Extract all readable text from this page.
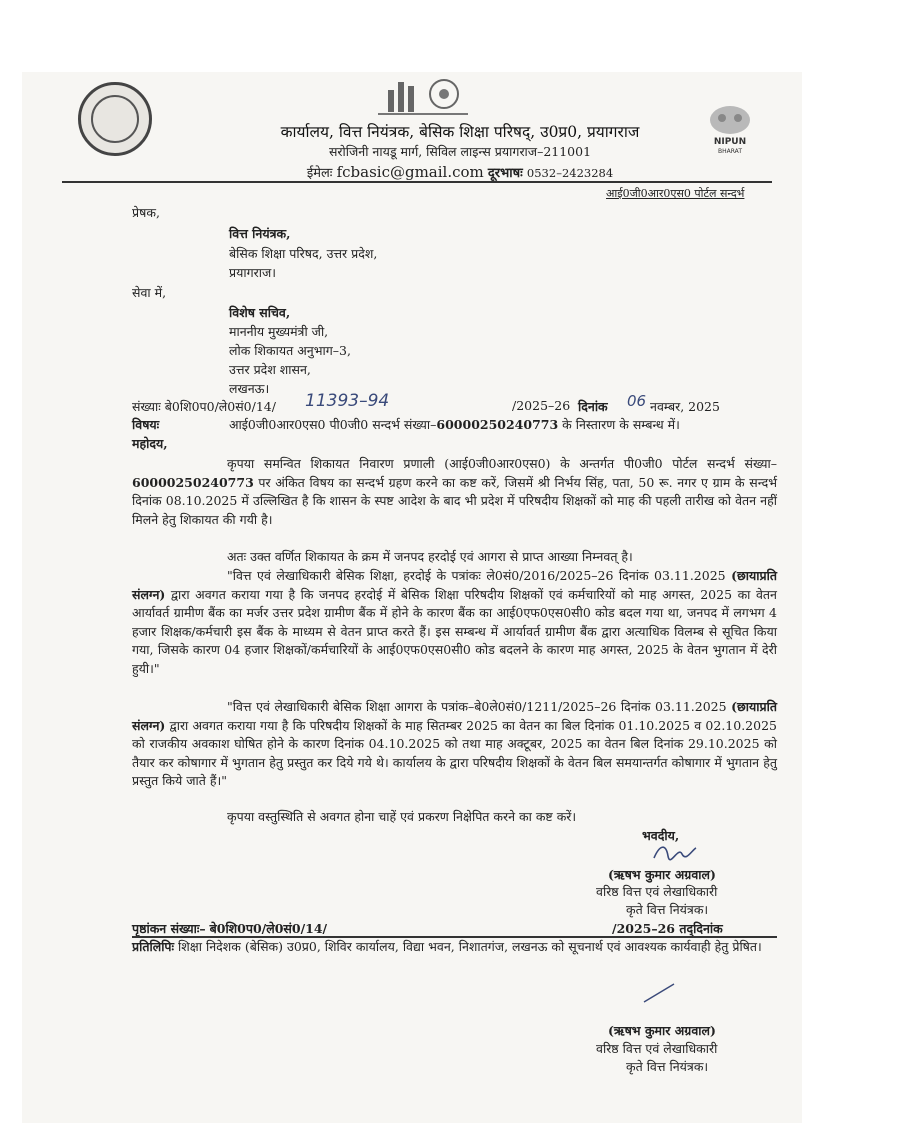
NIPUN
BHARAT
कार्यालय, वित्त नियंत्रक, बेसिक शिक्षा परिषद्, उ0प्र0, प्रयागराज
सरोजिनी नायडू मार्ग, सिविल लाइन्स प्रयागराज–211001
ईमेलः fcbasic@gmail.com दूरभाषः 0532–2423284
आई0जी0आर0एस0 पोर्टल सन्दर्भ
प्रेषक,
वित्त नियंत्रक,
बेसिक शिक्षा परिषद, उत्तर प्रदेश,
प्रयागराज।
सेवा में,
विशेष सचिव,
माननीय मुख्यमंत्री जी,
लोक शिकायत अनुभाग–3,
उत्तर प्रदेश शासन,
लखनऊ।
संख्याः बे0शि0प0/ले0सं0/14/ 11393–94	/2025–26 दिनांक 06 नवम्बर, 2025
विषयः	आई0जी0आर0एस0 पी0जी0 सन्दर्भ संख्या–60000250240773 के निस्तारण के सम्बन्ध में।
महोदय,
कृपया समन्वित शिकायत निवारण प्रणाली (आई0जी0आर0एस0) के अन्तर्गत पी0जी0 पोर्टल सन्दर्भ संख्या–60000250240773 पर अंकित विषय का सन्दर्भ ग्रहण करने का कष्ट करें, जिसमें श्री निर्भय सिंह, पता, 50 रू. नगर ए ग्राम के सन्दर्भ दिनांक 08.10.2025 में उल्लिखित है कि शासन के स्पष्ट आदेश के बाद भी प्रदेश में परिषदीय शिक्षकों को माह की पहली तारीख को वेतन नहीं मिलने हेतु शिकायत की गयी है।
अतः उक्त वर्णित शिकायत के क्रम में जनपद हरदोई एवं आगरा से प्राप्त आख्या निम्नवत् है।
"वित्त एवं लेखाधिकारी बेसिक शिक्षा, हरदोई के पत्रांकः ले0सं0/2016/2025–26 दिनांक 03.11.2025 (छायाप्रति संलग्न) द्वारा अवगत कराया गया है कि जनपद हरदोई में बेसिक शिक्षा परिषदीय शिक्षकों एवं कर्मचारियों को माह अगस्त, 2025 का वेतन आर्यावर्त ग्रामीण बैंक का मर्जर उत्तर प्रदेश ग्रामीण बैंक में होने के कारण बैंक का आई0एफ0एस0सी0 कोड बदल गया था, जनपद में लगभग 4 हजार शिक्षक/कर्मचारी इस बैंक के माध्यम से वेतन प्राप्त करते हैं। इस सम्बन्ध में आर्यावर्त ग्रामीण बैंक द्वारा अत्याधिक विलम्ब से सूचित किया गया, जिसके कारण 04 हजार शिक्षकों/कर्मचारियों के आई0एफ0एस0सी0 कोड बदलने के कारण माह अगस्त, 2025 के वेतन भुगतान में देरी हुयी।"
"वित्त एवं लेखाधिकारी बेसिक शिक्षा आगरा के पत्रांक–बे0ले0सं0/1211/2025–26 दिनांक 03.11.2025 (छायाप्रति संलग्न) द्वारा अवगत कराया गया है कि परिषदीय शिक्षकों के माह सितम्बर 2025 का वेतन का बिल दिनांक 01.10.2025 व 02.10.2025 को राजकीय अवकाश घोषित होने के कारण दिनांक 04.10.2025 को तथा माह अक्टूबर, 2025 का वेतन बिल दिनांक 29.10.2025 को तैयार कर कोषागार में भुगतान हेतु प्रस्तुत कर दिये गये थे। कार्यालय के द्वारा परिषदीय शिक्षकों के वेतन बिल समयान्तर्गत कोषागार में भुगतान हेतु प्रस्तुत किये जाते हैं।"
कृपया वस्तुस्थिति से अवगत होना चाहें एवं प्रकरण निक्षेपित करने का कष्ट करें।
भवदीय,
(ऋषभ कुमार अग्रवाल)
वरिष्ठ वित्त एवं लेखाधिकारी
कृते वित्त नियंत्रक।
पृष्ठांकन संख्याः– बे0शि0प0/ले0सं0/14/	/2025–26 तद्‌दिनांक
प्रतिलिपिः शिक्षा निदेशक (बेसिक) उ0प्र0, शिविर कार्यालय, विद्या भवन, निशातगंज, लखनऊ को सूचनार्थ एवं आवश्यक कार्यवाही हेतु प्रेषित।
(ऋषभ कुमार अग्रवाल)
वरिष्ठ वित्त एवं लेखाधिकारी
कृते वित्त नियंत्रक।
